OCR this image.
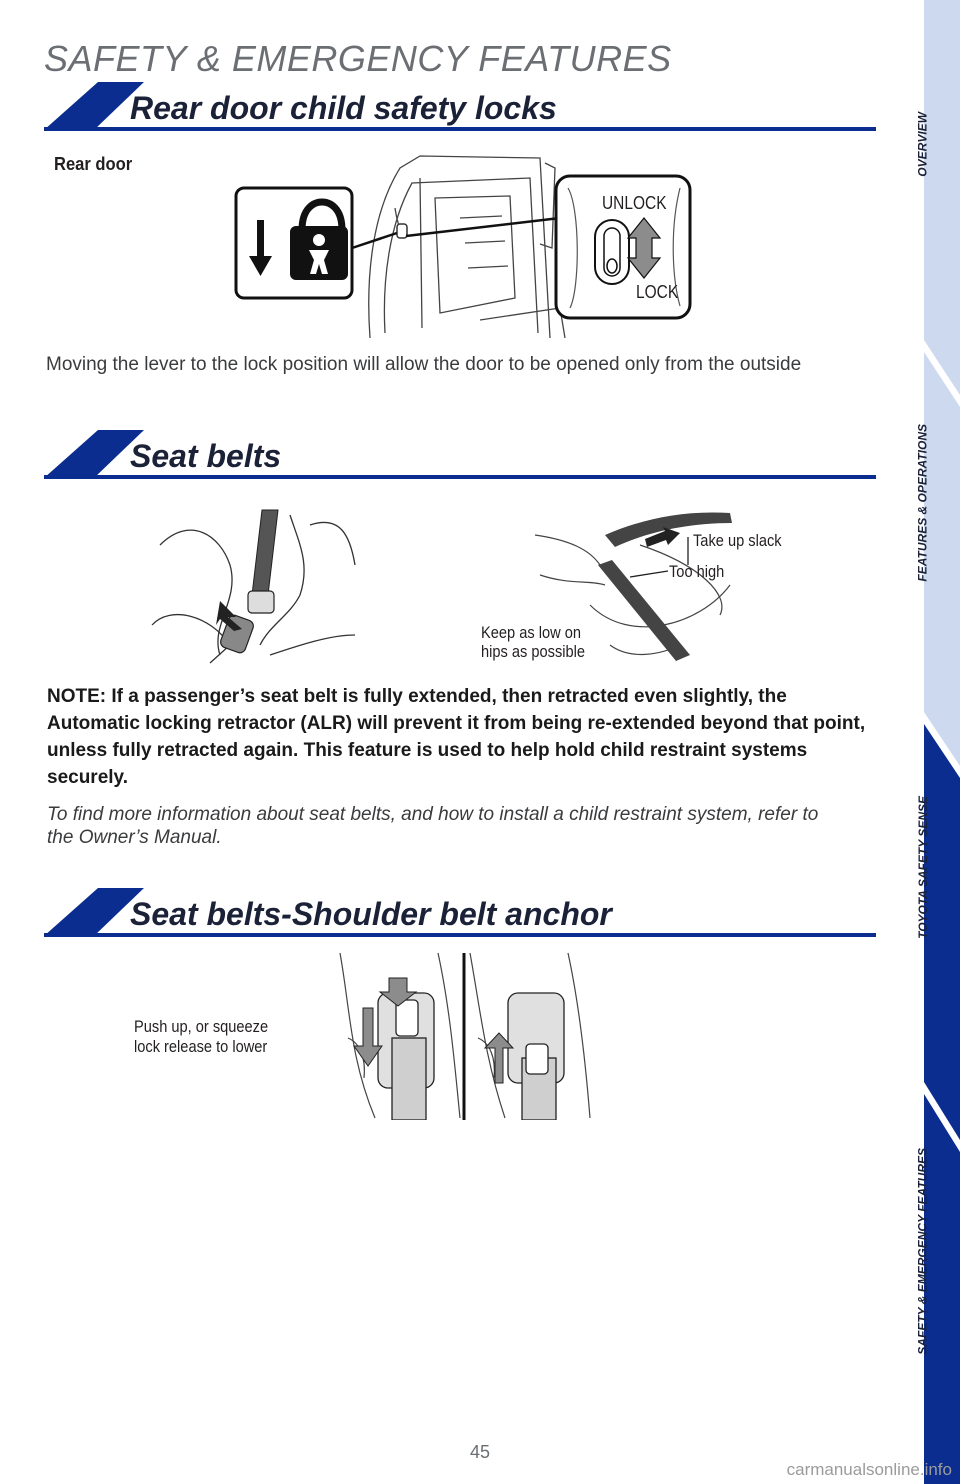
SAFETY & EMERGENCY FEATURES
Rear door child safety locks
Rear door
UNLOCK
LOCK
Moving the lever to the lock position will allow the door to be opened only from the outside
Seat belts
Take up slack
Too high
Keep as low on
hips as possible
NOTE: If a passenger’s seat belt is fully extended, then retracted even slightly, the Automatic locking retractor (ALR) will prevent it from being re-extended beyond that point, unless fully retracted again. This feature is used to help hold child restraint systems securely.
To find more information about seat belts, and how to install a child restraint system, refer to the Owner’s Manual.
Seat belts-Shoulder belt anchor
Push up, or squeeze
lock release to lower
OVERVIEW
FEATURES & OPERATIONS
TOYOTA SAFETY SENSE
SAFETY & EMERGENCY FEATURES
45
carmanualsonline.info
